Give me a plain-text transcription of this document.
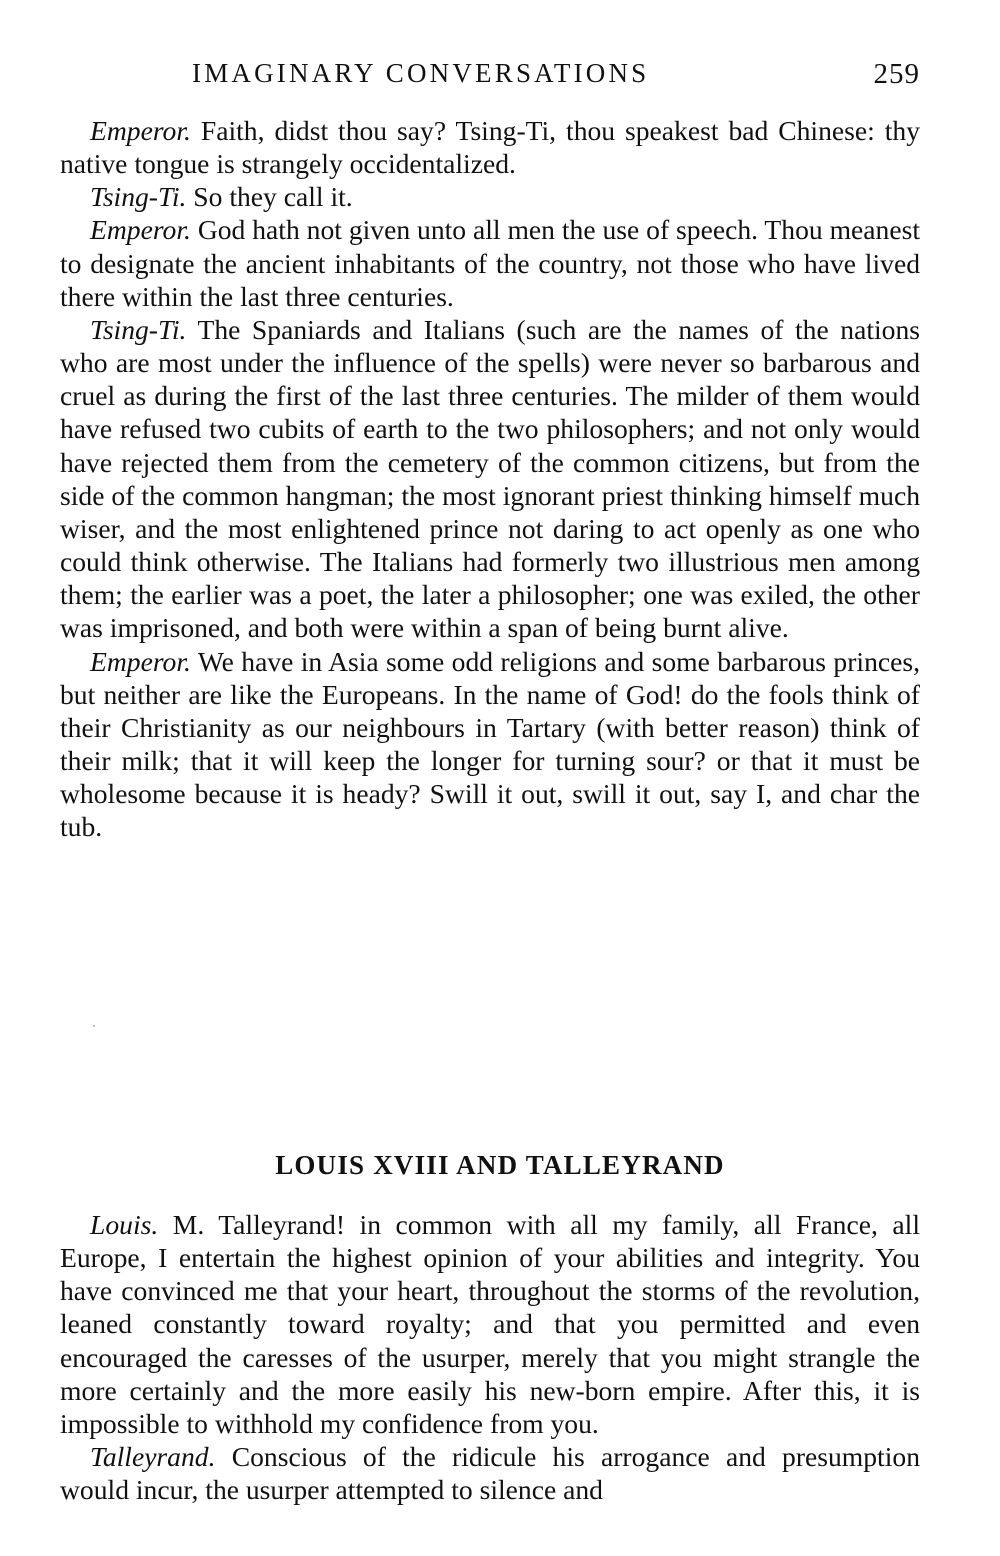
IMAGINARY CONVERSATIONS	259

Emperor. Faith, didst thou say? Tsing-Ti, thou speakest bad Chinese: thy native tongue is strangely occidentalized.

Tsing-Ti. So they call it.

Emperor. God hath not given unto all men the use of speech. Thou meanest to designate the ancient inhabitants of the country, not those who have lived there within the last three centuries.

Tsing-Ti. The Spaniards and Italians (such are the names of the nations who are most under the influence of the spells) were never so barbarous and cruel as during the first of the last three centuries. The milder of them would have refused two cubits of earth to the two philosophers; and not only would have rejected them from the cemetery of the common citizens, but from the side of the common hangman; the most ignorant priest thinking himself much wiser, and the most enlightened prince not daring to act openly as one who could think otherwise. The Italians had formerly two illustrious men among them; the earlier was a poet, the later a philosopher; one was exiled, the other was imprisoned, and both were within a span of being burnt alive.

Emperor. We have in Asia some odd religions and some barbarous princes, but neither are like the Europeans. In the name of God! do the fools think of their Christianity as our neighbours in Tartary (with better reason) think of their milk; that it will keep the longer for turning sour? or that it must be wholesome because it is heady? Swill it out, swill it out, say I, and char the tub.

LOUIS XVIII AND TALLEYRAND

Louis. M. Talleyrand! in common with all my family, all France, all Europe, I entertain the highest opinion of your abilities and integrity. You have convinced me that your heart, throughout the storms of the revolution, leaned constantly toward royalty; and that you permitted and even encouraged the caresses of the usurper, merely that you might strangle the more certainly and the more easily his new-born empire. After this, it is impossible to withhold my confidence from you.

Talleyrand. Conscious of the ridicule his arrogance and presumption would incur, the usurper attempted to silence and
